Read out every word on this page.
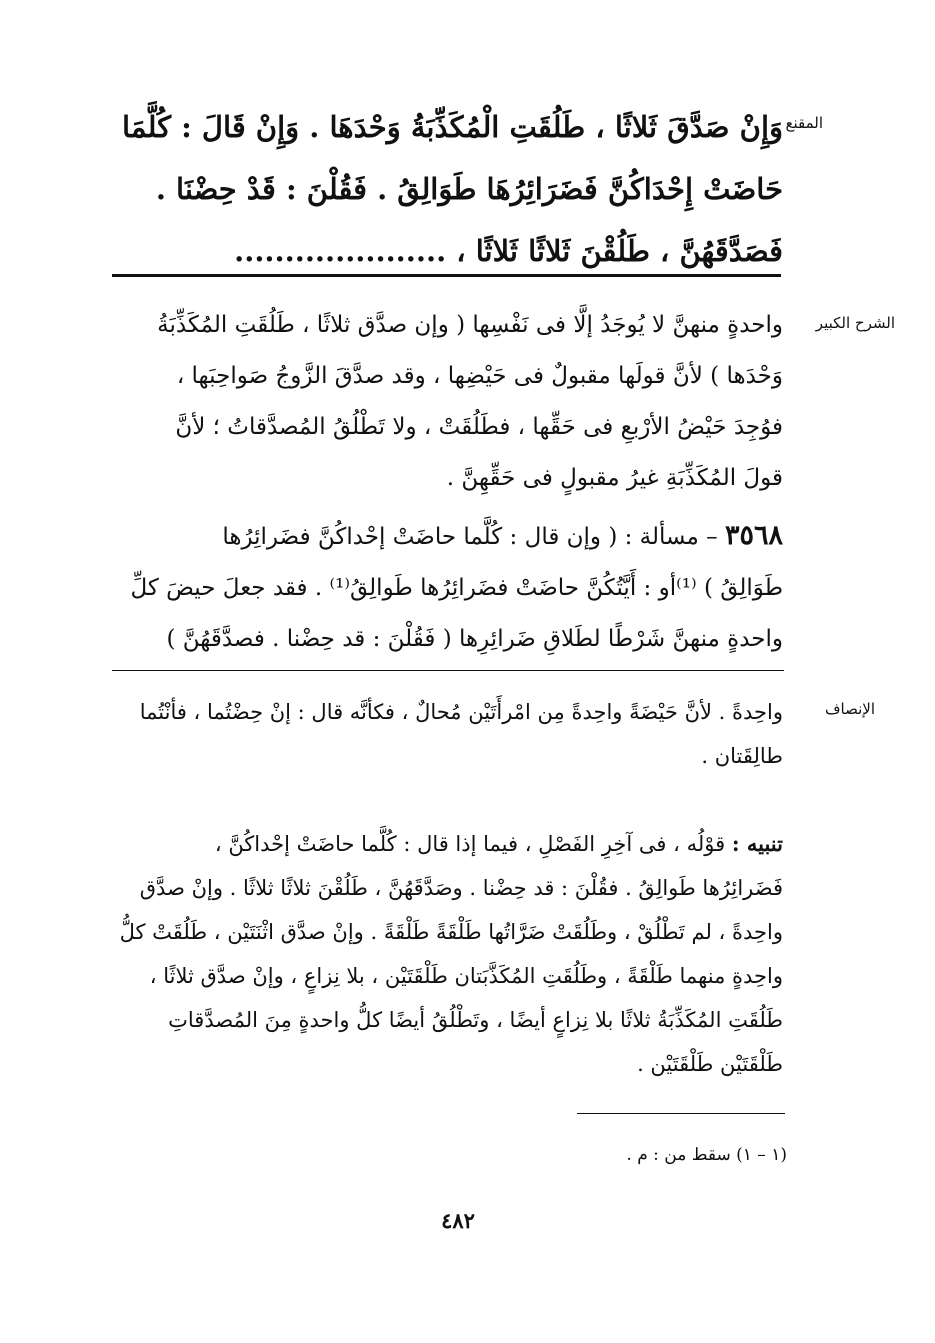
المقنع
وَإِنْ صَدَّقَ ثَلاثًا ، طَلُقَتِ الْمُكَذِّبَةُ وَحْدَهَا . وَإِنْ قَالَ : كُلَّمَا
حَاضَتْ إِحْدَاكُنَّ فَضَرَائِرُهَا طَوَالِقُ . فَقُلْنَ : قَدْ حِضْنَا .
فَصَدَّقَهُنَّ ، طَلُقْنَ ثَلاثًا ثَلاثًا ، .....................
الشرح الكبير
واحدةٍ منهنَّ لا يُوجَدُ إلَّا فى نَفْسِها ( وإن صدَّق ثلاثًا ، طَلُقَتِ المُكَذِّبَةُ
وَحْدَها ) لأنَّ قولَها مقبولٌ فى حَيْضِها ، وقد صدَّقَ الزَّوجُ صَواحِبَها ،
فوُجِدَ حَيْضُ الأرْبعِ فى حَقِّها ، فطَلُقَتْ ، ولا تَطْلُقُ المُصدَّقاتُ ؛ لأنَّ
قولَ المُكَذِّبَةِ غيرُ مقبولٍ فى حَقِّهِنَّ .
٣٥٦٨ – مسألة : ( وإن قال : كُلَّما حاضَتْ إحْداكُنَّ فضَرائِرُها
طَوَالِقُ ) ⁽¹⁾أو : أَيَّتُكُنَّ حاضَتْ فضَرائِرُها طَوالِقُ⁽¹⁾ . فقد جعلَ حيضَ كلِّ
واحدةٍ منهنَّ شَرْطًا لطَلاقِ ضَرائِرِها ( فَقُلْنَ : قد حِضْنا . فصدَّقَهُنَّ )
الإنصاف
واحِدةً . لأنَّ حَيْضَةً واحِدةً مِن امْرأَتَيْن مُحالٌ ، فكأنَّه قال : إنْ حِضْتُما ، فأنْتُما
طالِقَتان .
تنبيه : قوْلُه ، فى آخِرِ الفَصْلِ ، فيما إذا قال : كُلَّما حاضَتْ إحْداكُنَّ ،
فَضَرائِرُها طَوالِقُ . فقُلْنَ : قد حِضْنا . وصَدَّقَهُنَّ ، طَلُقْنَ ثلاثًا ثلاثًا . وإنْ صدَّق
واحِدةً ، لم تَطْلُقْ ، وطَلُقَتْ ضَرَّاتُها طَلْقَةً طَلْقَةً . وإنْ صدَّق اثْنَتَيْن ، طَلُقَتْ كلُّ
واحِدةٍ منهما طَلْقَةً ، وطَلُقَتِ المُكَذَّبَتان طَلْقَتَيْن ، بلا نِزاعٍ ، وإنْ صدَّق ثلاثًا ،
طَلُقَتِ المُكَذِّبَةُ ثلاثًا بلا نِزاعٍ أيضًا ، وتَطْلُقُ أيضًا كلُّ واحدةٍ مِنَ المُصدَّقاتِ
طَلْقَتَيْن طَلْقَتَيْن .
(١ – ١) سقط من : م .
٤٨٢
